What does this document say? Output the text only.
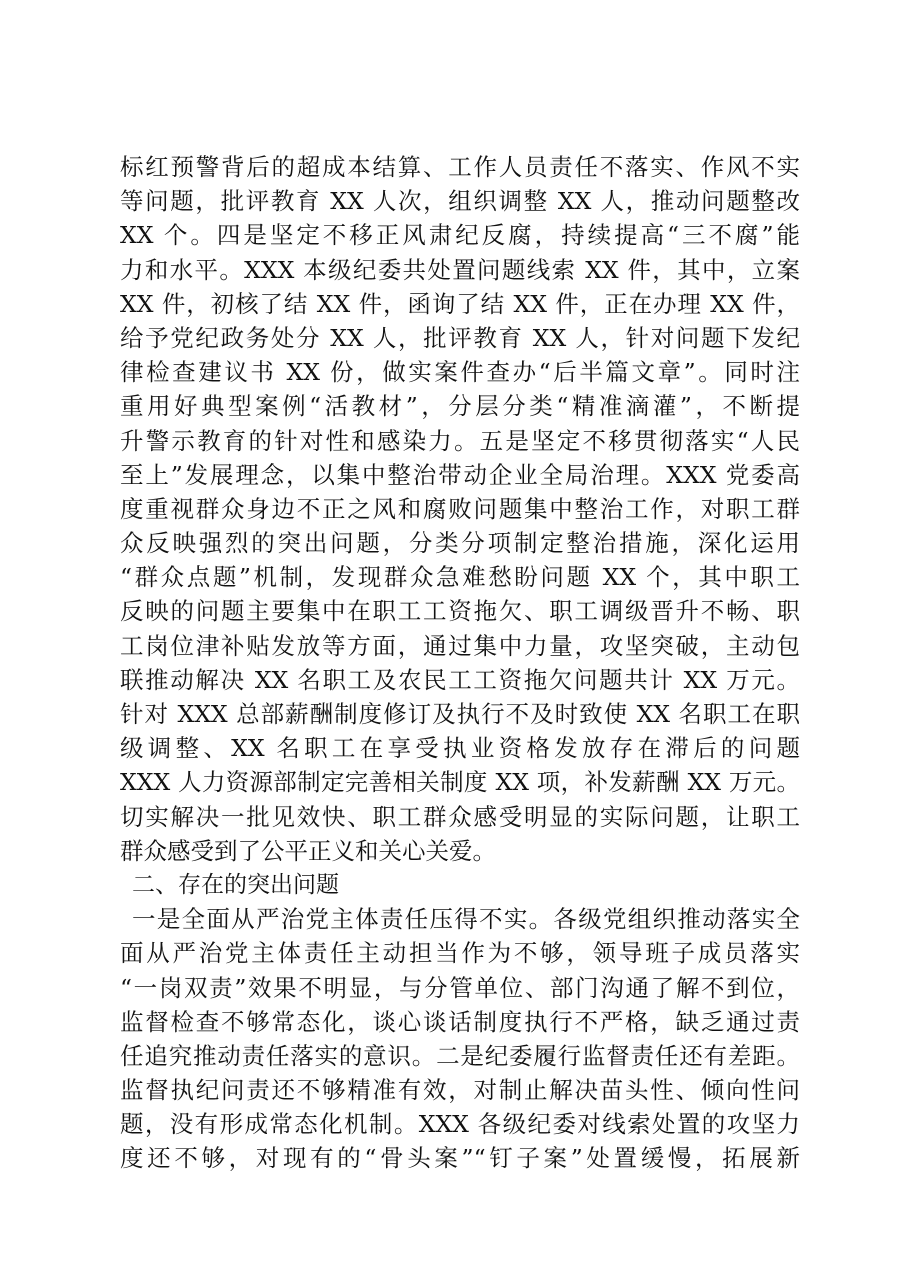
标红预警背后的超成本结算、工作人员责任不落实、作风不实
等问题，批评教育 XX 人次，组织调整 XX 人，推动问题整改
XX 个。四是坚定不移正风肃纪反腐，持续提高“三不腐”能
力和水平。XXX 本级纪委共处置问题线索 XX 件，其中，立案
XX 件，初核了结 XX 件，函询了结 XX 件，正在办理 XX 件，
给予党纪政务处分 XX 人，批评教育 XX 人，针对问题下发纪
律检查建议书 XX 份，做实案件查办“后半篇文章”。同时注
重用好典型案例“活教材”，分层分类“精准滴灌”，不断提
升警示教育的针对性和感染力。五是坚定不移贯彻落实“人民
至上”发展理念，以集中整治带动企业全局治理。XXX 党委高
度重视群众身边不正之风和腐败问题集中整治工作，对职工群
众反映强烈的突出问题，分类分项制定整治措施，深化运用
“群众点题”机制，发现群众急难愁盼问题 XX 个，其中职工
反映的问题主要集中在职工工资拖欠、职工调级晋升不畅、职
工岗位津补贴发放等方面，通过集中力量，攻坚突破，主动包
联推动解决 XX 名职工及农民工工资拖欠问题共计 XX 万元。
针对 XXX 总部薪酬制度修订及执行不及时致使 XX 名职工在职
级调整、XX 名职工在享受执业资格发放存在滞后的问题
XXX 人力资源部制定完善相关制度 XX 项，补发薪酬 XX 万元。
切实解决一批见效快、职工群众感受明显的实际问题，让职工
群众感受到了公平正义和关心关爱。
二、存在的突出问题
一是全面从严治党主体责任压得不实。各级党组织推动落实全
面从严治党主体责任主动担当作为不够，领导班子成员落实
“一岗双责”效果不明显，与分管单位、部门沟通了解不到位，
监督检查不够常态化，谈心谈话制度执行不严格，缺乏通过责
任追究推动责任落实的意识。二是纪委履行监督责任还有差距。
监督执纪问责还不够精准有效，对制止解决苗头性、倾向性问
题，没有形成常态化机制。XXX 各级纪委对线索处置的攻坚力
度还不够，对现有的“骨头案”“钉子案”处置缓慢，拓展新
